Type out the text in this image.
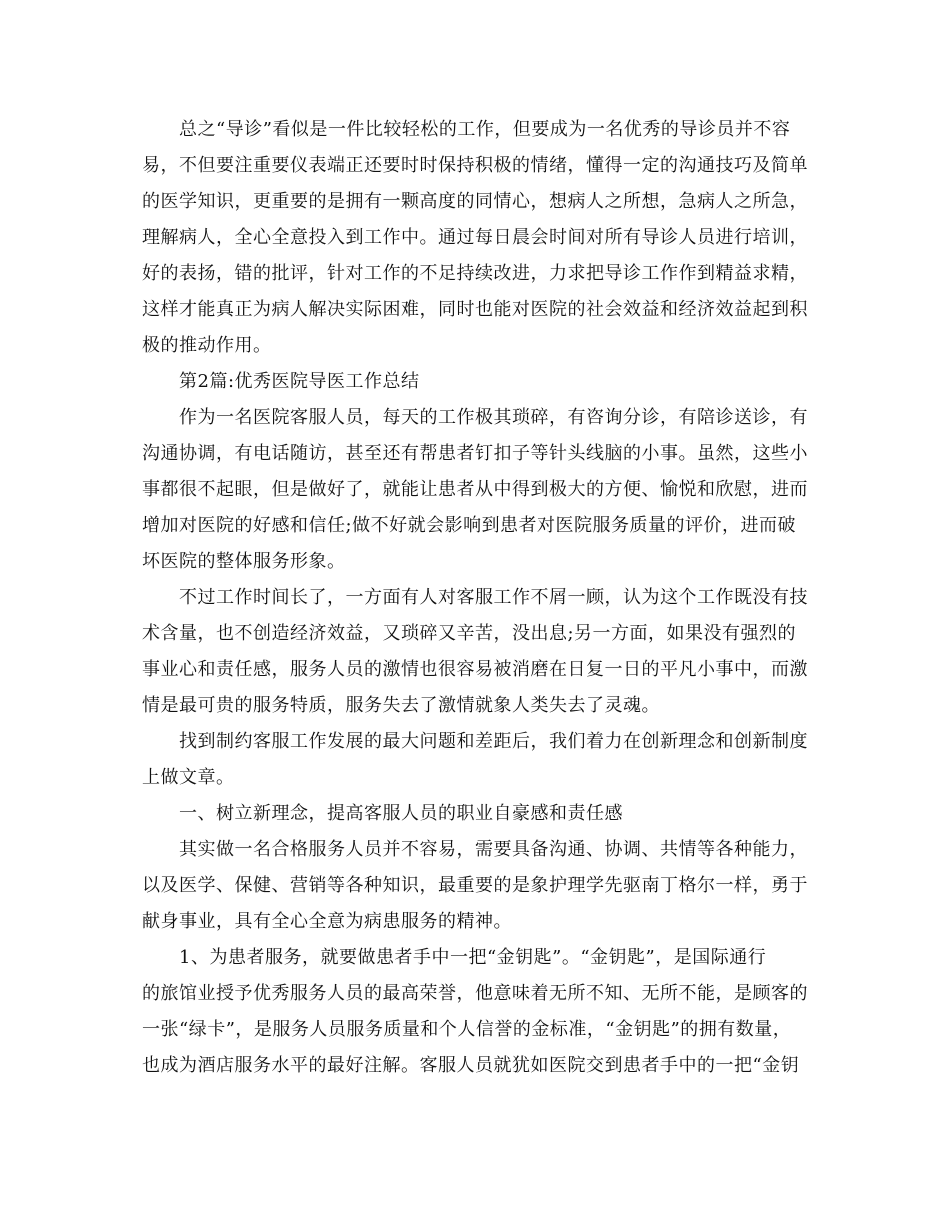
总之“导诊”看似是一件比较轻松的工作，但要成为一名优秀的导诊员并不容
易，不但要注重要仪表端正还要时时保持积极的情绪，懂得一定的沟通技巧及简单
的医学知识，更重要的是拥有一颗高度的同情心，想病人之所想，急病人之所急，
理解病人，全心全意投入到工作中。通过每日晨会时间对所有导诊人员进行培训，
好的表扬，错的批评，针对工作的不足持续改进，力求把导诊工作作到精益求精，
这样才能真正为病人解决实际困难，同时也能对医院的社会效益和经济效益起到积
极的推动作用。
第2篇:优秀医院导医工作总结
作为一名医院客服人员，每天的工作极其琐碎，有咨询分诊，有陪诊送诊，有
沟通协调，有电话随访，甚至还有帮患者钉扣子等针头线脑的小事。虽然，这些小
事都很不起眼，但是做好了，就能让患者从中得到极大的方便、愉悦和欣慰，进而
增加对医院的好感和信任;做不好就会影响到患者对医院服务质量的评价，进而破
坏医院的整体服务形象。
不过工作时间长了，一方面有人对客服工作不屑一顾，认为这个工作既没有技
术含量，也不创造经济效益，又琐碎又辛苦，没出息;另一方面，如果没有强烈的
事业心和责任感，服务人员的激情也很容易被消磨在日复一日的平凡小事中，而激
情是最可贵的服务特质，服务失去了激情就象人类失去了灵魂。
找到制约客服工作发展的最大问题和差距后，我们着力在创新理念和创新制度
上做文章。
一、树立新理念，提高客服人员的职业自豪感和责任感
其实做一名合格服务人员并不容易，需要具备沟通、协调、共情等各种能力，
以及医学、保健、营销等各种知识，最重要的是象护理学先驱南丁格尔一样，勇于
献身事业，具有全心全意为病患服务的精神。
1、为患者服务，就要做患者手中一把“金钥匙”。“金钥匙”，是国际通行
的旅馆业授予优秀服务人员的最高荣誉，他意味着无所不知、无所不能，是顾客的
一张“绿卡”，是服务人员服务质量和个人信誉的金标准，“金钥匙”的拥有数量，
也成为酒店服务水平的最好注解。客服人员就犹如医院交到患者手中的一把“金钥
